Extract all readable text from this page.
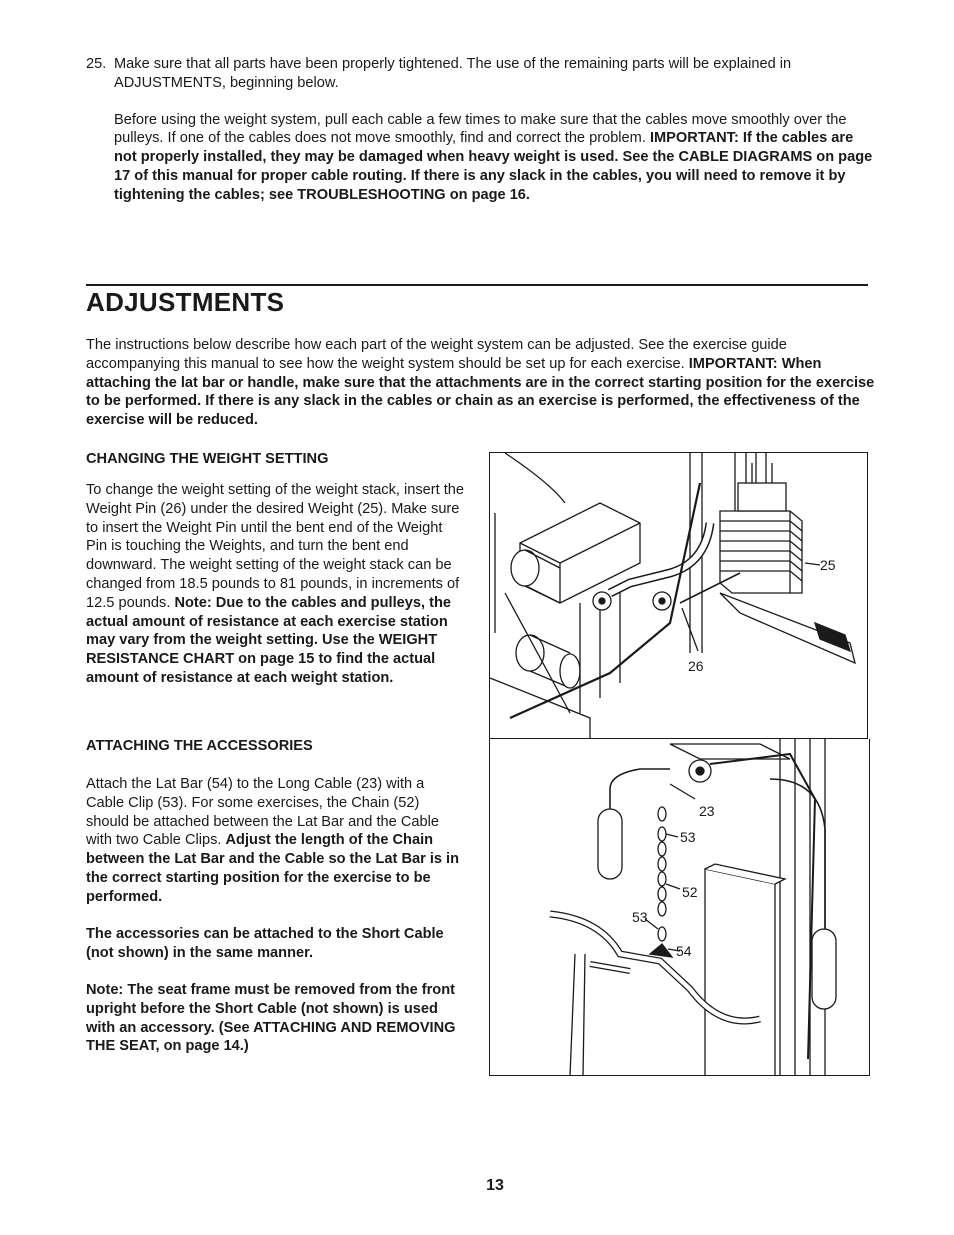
25. Make sure that all parts have been properly tightened. The use of the remaining parts will be explained in ADJUSTMENTS, beginning below.

Before using the weight system, pull each cable a few times to make sure that the cables move smoothly over the pulleys. If one of the cables does not move smoothly, find and correct the problem. IMPORTANT: If the cables are not properly installed, they may be damaged when heavy weight is used. See the CABLE DIAGRAMS on page 17 of this manual for proper cable routing. If there is any slack in the cables, you will need to remove it by tightening the cables; see TROUBLESHOOTING on page 16.

ADJUSTMENTS

The instructions below describe how each part of the weight system can be adjusted. See the exercise guide accompanying this manual to see how the weight system should be set up for each exercise. IMPORTANT: When attaching the lat bar or handle, make sure that the attachments are in the correct starting position for the exercise to be performed. If there is any slack in the cables or chain as an exercise is performed, the effectiveness of the exercise will be reduced.

CHANGING THE WEIGHT SETTING

To change the weight setting of the weight stack, insert the Weight Pin (26) under the desired Weight (25). Make sure to insert the Weight Pin until the bent end of the Weight Pin is touching the Weights, and turn the bent end downward. The weight setting of the weight stack can be changed from 18.5 pounds to 81 pounds, in increments of 12.5 pounds. Note: Due to the cables and pulleys, the actual amount of resistance at each exercise station may vary from the weight setting. Use the WEIGHT RESISTANCE CHART on page 15 to find the actual amount of resistance at each weight station.

ATTACHING THE ACCESSORIES

Attach the Lat Bar (54) to the Long Cable (23) with a Cable Clip (53). For some exercises, the Chain (52) should be attached between the Lat Bar and the Cable with two Cable Clips. Adjust the length of the Chain between the Lat Bar and the Cable so the Lat Bar is in the correct starting position for the exercise to be performed.

The accessories can be attached to the Short Cable (not shown) in the same manner.

Note: The seat frame must be removed from the front upright before the Short Cable (not shown) is used with an accessory. (See ATTACHING AND REMOVING THE SEAT, on page 14.)

25
26
23
53
52
53
54
13
